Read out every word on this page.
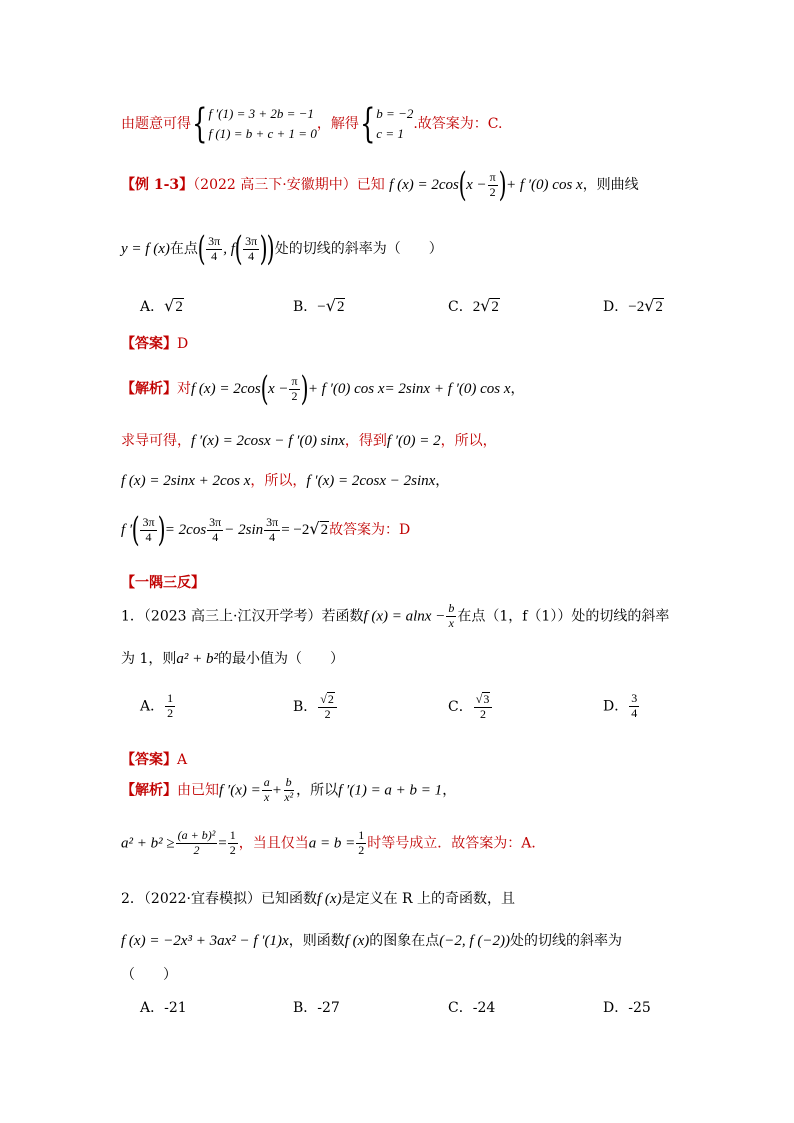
由题意可得{ f ′(1) = 3 + 2b = −1
f (1) = b + c + 1 = 0
，解得{ b = −2
c = 1
.故答案为：C.
【例 1-3】（2022 高三下·安徽期中）已知 f $(x) = 2\cos(x - \frac{\pi}{2}$ )+ f ′(0) cos x，则曲线
y = f (x)在点( $\frac{3\pi}{4}$ , $f( \frac{3\pi}{4}$ ))处的切线的斜率为（　　）
A．√2	B．−√2	C．2√2	D．−2√2
【答案】D
【解析】对f $(x) = 2\cos(x - \frac{\pi}{2}$ )+ f ′(0) cos x= 2sinx + f ′(0) cos x，
求导可得，f ′(x) = 2cosx − f ′(0) sinx，得到f ′(0) = 2，所以，
f (x) = 2sinx + 2cos x，所以，f ′(x) = 2cosx − 2sinx，
f ′( $\frac{3\pi}{4}$ )= $2\cos \frac{3\pi}{4} - 2\sin \frac{3\pi}{4} = -2√2$故答案为：D
【一隅三反】
1．（2023 高三上·江汉开学考）若函数f $(x) = alnx - \frac{b}{x}$ 在点（1，f（1））处的切线的斜率
为 1，则a² + b²的最小值为（　　）
A． $\frac{1}{2}$	B． $\frac{√2}{2}$	C． $\frac{√3}{2}$	D． $\frac{3}{4}$
【答案】A
【解析】由已知f $'(x) = \frac{a}{x} + \frac{b}{\text{x²}}$ ，所以f ′(1) = a + b = 1，
$a^2 + b^2 \ge \frac{\text{(a + b)²}}{2} = \frac{1}{2}$ ，当且仅当$a = b = \frac{1}{2}$ 时等号成立．故答案为：A．
2．（2022·宜春模拟）已知函数f (x)是定义在 R 上的奇函数，且
f (x) = −2x³ + 3ax² − f ′(1)x，则函数f (x)的图象在点(−2, f (−2))处的切线的斜率为
（　　）
A．-21	B．-27	C．-24	D．-25
